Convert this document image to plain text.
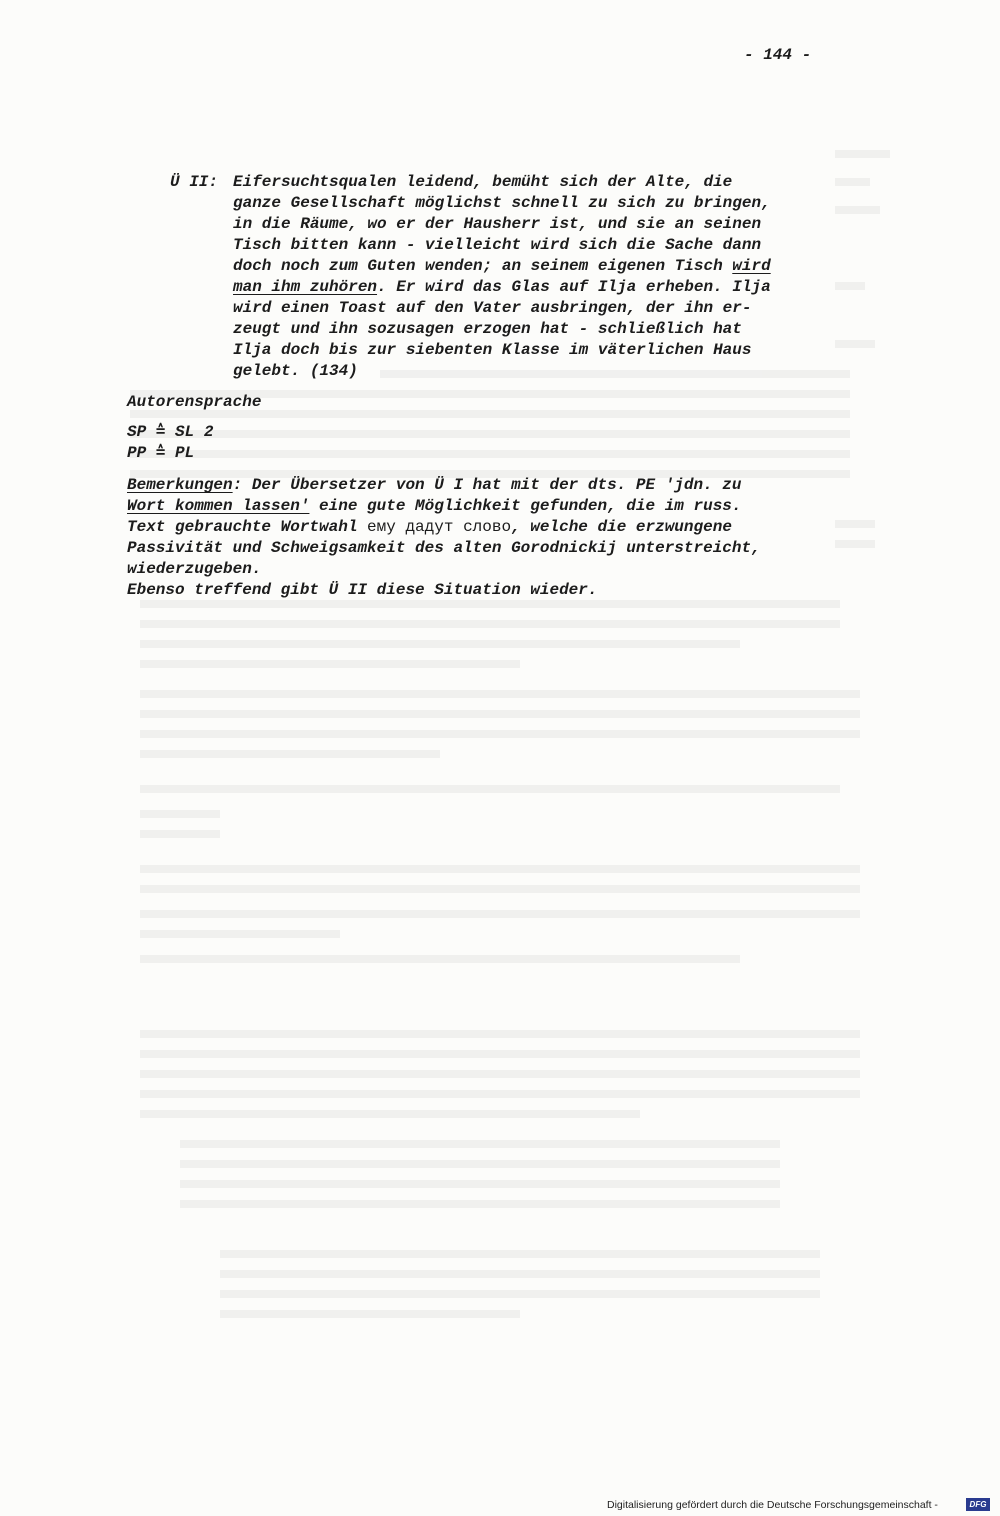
- 144 -
Ü II: Eifersuchtsqualen leidend, bemüht sich der Alte, die
ganze Gesellschaft möglichst schnell zu sich zu bringen,
in die Räume, wo er der Hausherr ist, und sie an seinen
Tisch bitten kann - vielleicht wird sich die Sache dann
doch noch zum Guten wenden; an seinem eigenen Tisch wird
man ihm zuhören. Er wird das Glas auf Ilja erheben. Ilja
wird einen Toast auf den Vater ausbringen, der ihn er-
zeugt und ihn sozusagen erzogen hat - schließlich hat
Ilja doch bis zur siebenten Klasse im väterlichen Haus
gelebt. (134)
Autorensprache
SP ≙ SL 2
PP ≙ PL
Bemerkungen: Der Übersetzer von Ü I hat mit der dts. PE 'jdn. zu
Wort kommen lassen' eine gute Möglichkeit gefunden, die im russ.
Text gebrauchte Wortwahl ему дадут слово, welche die erzwungene
Passivität und Schweigsamkeit des alten Gorodnickij unterstreicht,
wiederzugeben.
Ebenso treffend gibt Ü II diese Situation wieder.
Digitalisierung gefördert durch die Deutsche Forschungsgemeinschaft -	DFG
